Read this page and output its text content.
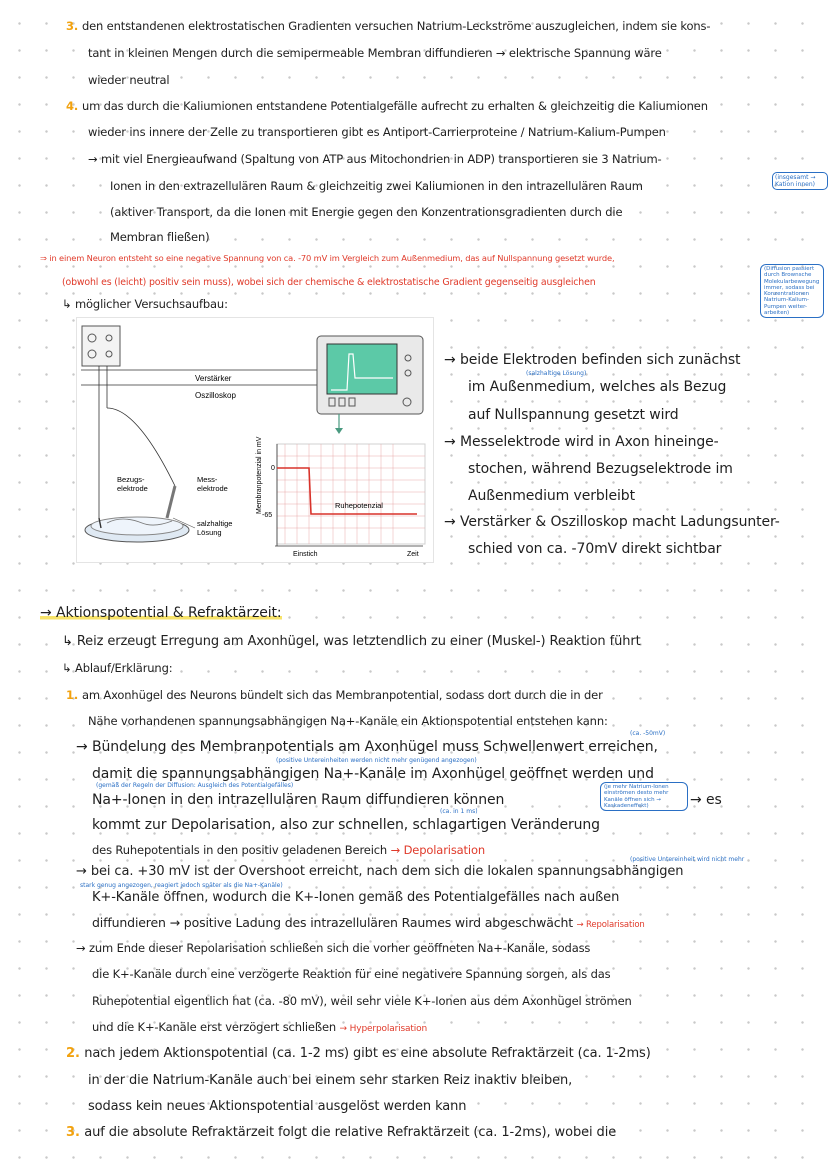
3. den entstandenen elektrostatischen Gradienten versuchen Natrium-Leckströme auszugleichen, indem sie kons-
tant in kleinen Mengen durch die semipermeable Membran diffundieren → elektrische Spannung wäre
wieder neutral
4. um das durch die Kaliumionen entstandene Potentialgefälle aufrecht zu erhalten & gleichzeitig die Kaliumionen
wieder ins innere der Zelle zu transportieren gibt es Antiport-Carrierproteine / Natrium-Kalium-Pumpen
→ mit viel Energieaufwand (Spaltung von ATP aus Mitochondrien in ADP) transportieren sie 3 Natrium-
Ionen in den extrazellulären Raum & gleichzeitig zwei Kaliumionen in den intrazellulären Raum
(insgesamt → Kation innen)
(aktiver Transport, da die Ionen mit Energie gegen den Konzentrationsgradienten durch die
Membran fließen)
⇒ in einem Neuron entsteht so eine negative Spannung von ca. -70 mV im Vergleich zum Außenmedium, das auf Nullspannung gesetzt wurde,
(obwohl es (leicht) positiv sein muss), wobei sich der chemische & elektrostatische Gradient gegenseitig ausgleichen
(Diffusion passiert durch Brownsche Molekularbewegung immer, sodass bei Konzentrationen Natrium-Kalium-Pumpen weiter-arbeiten)
↳ möglicher Versuchsaufbau:
Verstärker
Oszilloskop
Bezugs-
elektrode
Mess-
elektrode
salzhaltige
Lösung
Membranpotenzial in mV 0
-65
Ruhepotenzial
Einstich	Zeit
→ beide Elektroden befinden sich zunächst
(salzhaltige Lösung)
im Außenmedium, welches als Bezug
auf Nullspannung gesetzt wird
→ Messelektrode wird in Axon hineinge-
stochen, während Bezugselektrode im
Außenmedium verbleibt
→ Verstärker & Oszilloskop macht Ladungsunter-
schied von ca. -70mV direkt sichtbar
→ Aktionspotential & Refraktärzeit:
↳ Reiz erzeugt Erregung am Axonhügel, was letztendlich zu einer (Muskel-) Reaktion führt
↳ Ablauf/Erklärung:
1. am Axonhügel des Neurons bündelt sich das Membranpotential, sodass dort durch die in der
Nähe vorhandenen spannungsabhängigen Na+-Kanäle ein Aktionspotential entstehen kann:
(ca. -50mV)
→ Bündelung des Membranpotentials am Axonhügel muss Schwellenwert erreichen,
(positive Untereinheiten werden nicht mehr genügend angezogen)
damit die spannungsabhängigen Na+-Kanäle im Axonhügel geöffnet werden und
(gemäß der Regeln der Diffusion: Ausgleich des Potentialgefälles)
Na+-Ionen in den intrazellulären Raum diffundieren können
(je mehr Natrium-Ionen einströmen desto mehr Kanäle öffnen sich → Kaskadeneffekt)	→ es
(ca. in 1 ms)
kommt zur Depolarisation, also zur schnellen, schlagartigen Veränderung
des Ruhepotentials in den positiv geladenen Bereich → Depolarisation
(positive Untereinheit wird nicht mehr
→ bei ca. +30 mV ist der Overshoot erreicht, nach dem sich die lokalen spannungsabhängigen
stark genug angezogen, reagiert jedoch später als die Na+-Kanäle)
K+-Kanäle öffnen, wodurch die K+-Ionen gemäß des Potentialgefälles nach außen
diffundieren → positive Ladung des intrazellulären Raumes wird abgeschwächt → Repolarisation
→ zum Ende dieser Repolarisation schließen sich die vorher geöffneten Na+-Kanäle, sodass
die K+-Kanäle durch eine verzögerte Reaktion für eine negativere Spannung sorgen, als das
Ruhepotential eigentlich hat (ca. -80 mV), weil sehr viele K+-Ionen aus dem Axonhügel strömen
und die K+-Kanäle erst verzögert schließen → Hyperpolarisation
2. nach jedem Aktionspotential (ca. 1-2 ms) gibt es eine absolute Refraktärzeit (ca. 1-2ms)
in der die Natrium-Kanäle auch bei einem sehr starken Reiz inaktiv bleiben,
sodass kein neues Aktionspotential ausgelöst werden kann
3. auf die absolute Refraktärzeit folgt die relative Refraktärzeit (ca. 1-2ms), wobei die
